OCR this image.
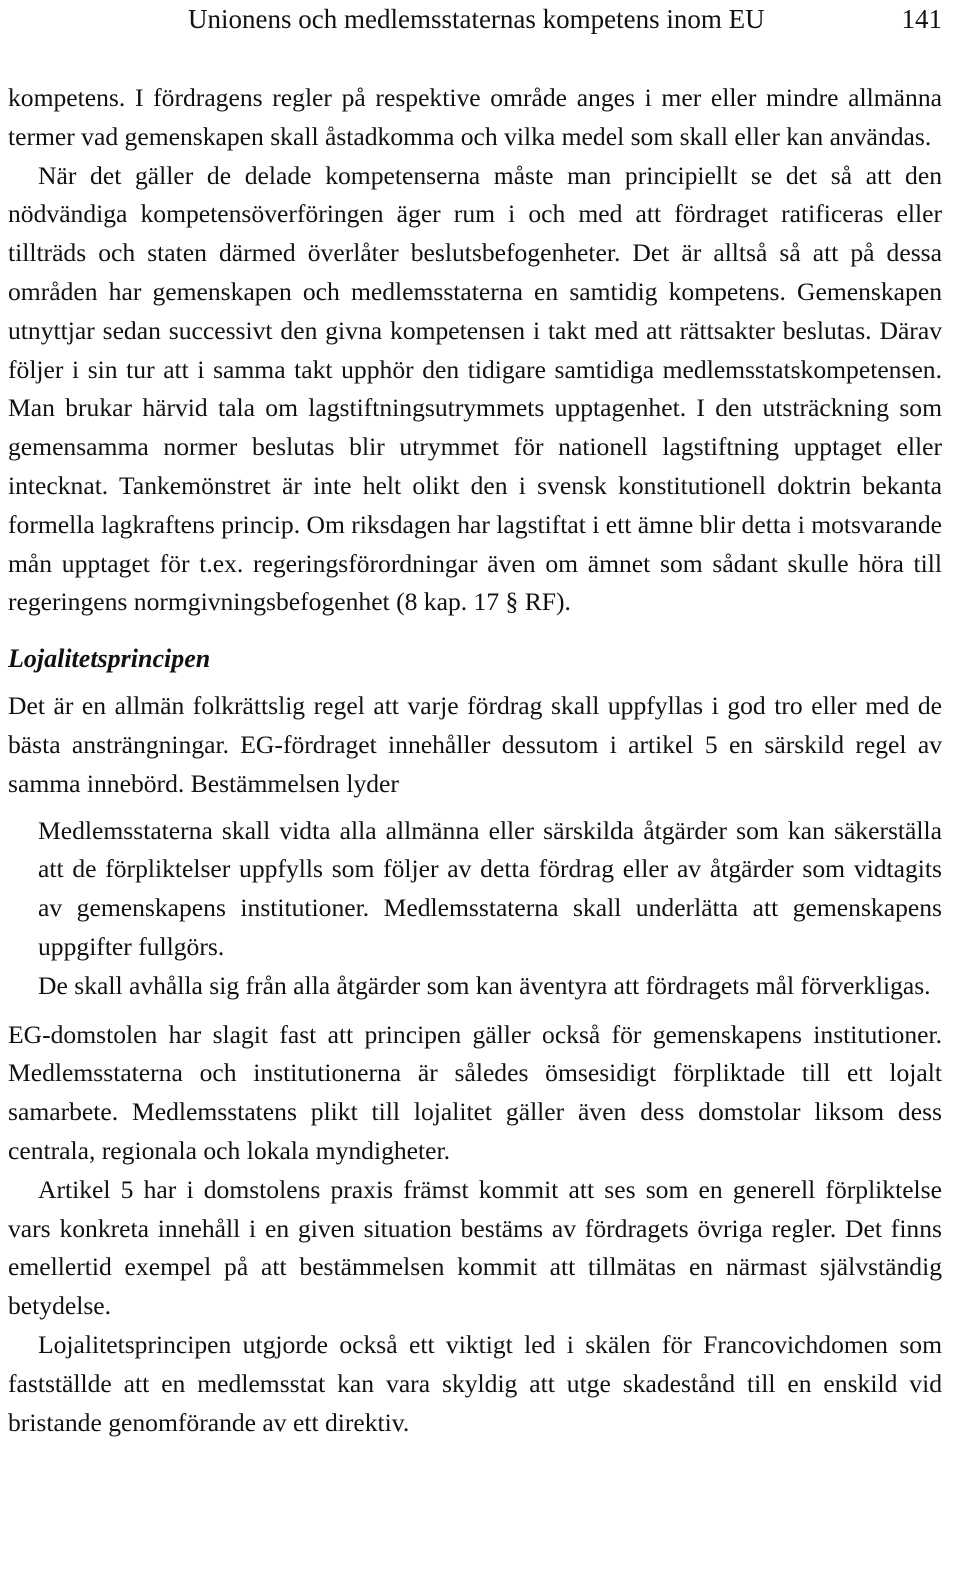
Unionens och medlemsstaternas kompetens inom EU	141

kompetens. I fördragens regler på respektive område anges i mer eller mindre allmänna termer vad gemenskapen skall åstadkomma och vilka medel som skall eller kan användas.

När det gäller de delade kompetenserna måste man principiellt se det så att den nödvändiga kompetensöverföringen äger rum i och med att fördraget ratificeras eller tillträds och staten därmed överlåter beslutsbefogenheter. Det är alltså så att på dessa områden har gemenskapen och medlemsstaterna en samtidig kompetens. Gemenskapen utnyttjar sedan successivt den givna kompetensen i takt med att rättsakter beslutas. Därav följer i sin tur att i samma takt upphör den tidigare samtidiga medlemsstatskompetensen. Man brukar härvid tala om lagstiftningsutrymmets upptagenhet. I den utsträckning som gemensamma normer beslutas blir utrymmet för nationell lagstiftning upptaget eller intecknat. Tankemönstret är inte helt olikt den i svensk konstitutionell doktrin bekanta formella lagkraftens princip. Om riksdagen har lagstiftat i ett ämne blir detta i motsvarande mån upptaget för t.ex. regeringsförordningar även om ämnet som sådant skulle höra till regeringens normgivningsbefogenhet (8 kap. 17 § RF).

Lojalitetsprincipen

Det är en allmän folkrättslig regel att varje fördrag skall uppfyllas i god tro eller med de bästa ansträngningar. EG-fördraget innehåller dessutom i artikel 5 en särskild regel av samma innebörd. Bestämmelsen lyder

Medlemsstaterna skall vidta alla allmänna eller särskilda åtgärder som kan säkerställa att de förpliktelser uppfylls som följer av detta fördrag eller av åtgärder som vidtagits av gemenskapens institutioner. Medlemsstaterna skall underlätta att gemenskapens uppgifter fullgörs.

De skall avhålla sig från alla åtgärder som kan äventyra att fördragets mål förverkligas.

EG-domstolen har slagit fast att principen gäller också för gemenskapens institutioner. Medlemsstaterna och institutionerna är således ömsesidigt förpliktade till ett lojalt samarbete. Medlemsstatens plikt till lojalitet gäller även dess domstolar liksom dess centrala, regionala och lokala myndigheter.

Artikel 5 har i domstolens praxis främst kommit att ses som en generell förpliktelse vars konkreta innehåll i en given situation bestäms av fördragets övriga regler. Det finns emellertid exempel på att bestämmelsen kommit att tillmätas en närmast självständig betydelse.

Lojalitetsprincipen utgjorde också ett viktigt led i skälen för Francovichdomen som fastställde att en medlemsstat kan vara skyldig att utge skadestånd till en enskild vid bristande genomförande av ett direktiv.
